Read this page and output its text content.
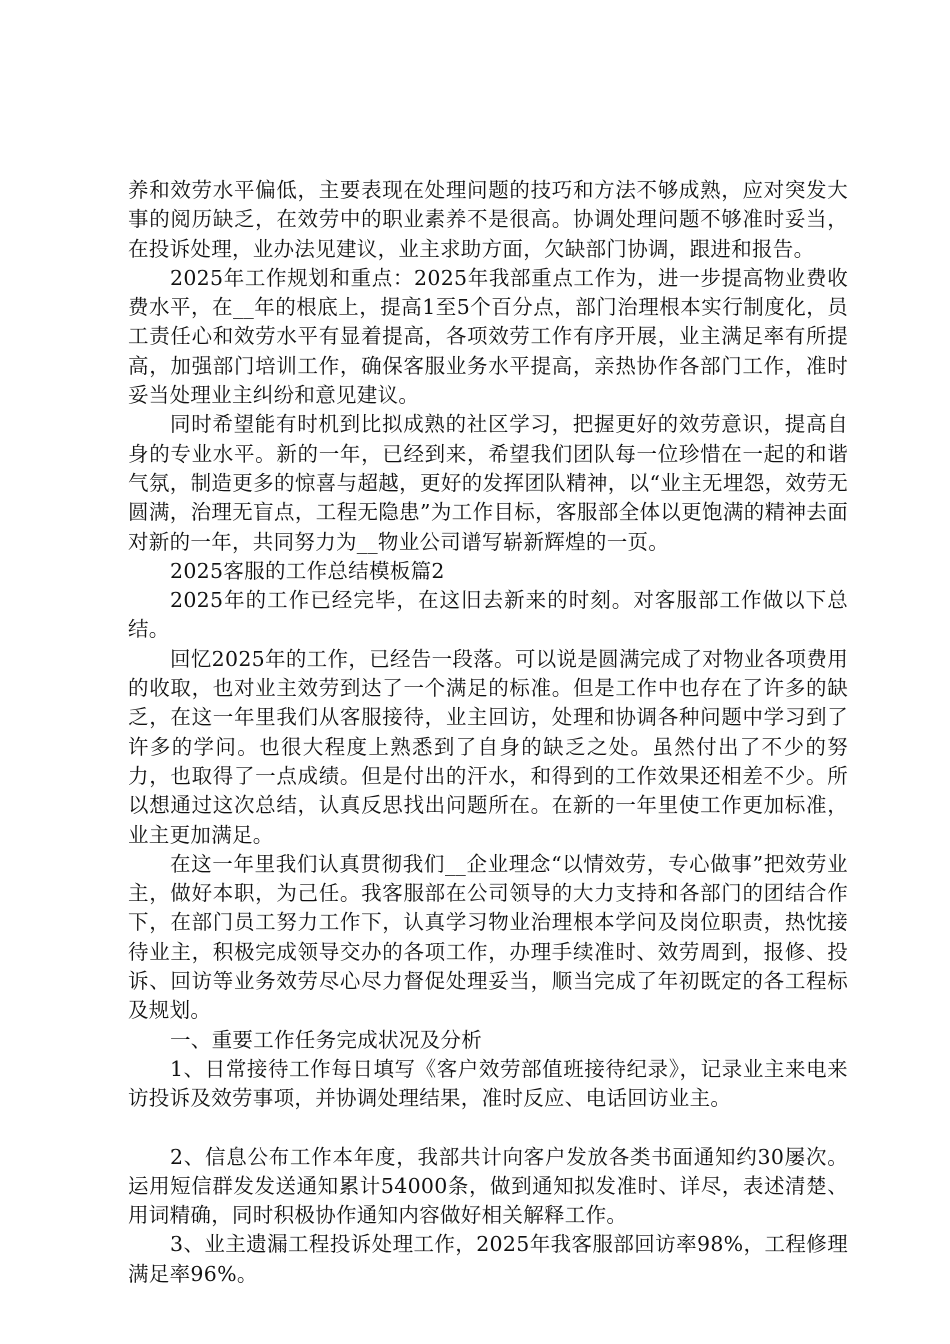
养和效劳水平偏低，主要表现在处理问题的技巧和方法不够成熟，应对突发大事的阅历缺乏，在效劳中的职业素养不是很高。协调处理问题不够准时妥当，在投诉处理，业办法见建议，业主求助方面，欠缺部门协调，跟进和报告。

2025年工作规划和重点：2025年我部重点工作为，进一步提高物业费收费水平，在__年的根底上，提高1至5个百分点，部门治理根本实行制度化，员工责任心和效劳水平有显着提高，各项效劳工作有序开展，业主满足率有所提高，加强部门培训工作，确保客服业务水平提高，亲热协作各部门工作，准时妥当处理业主纠纷和意见建议。

同时希望能有时机到比拟成熟的社区学习，把握更好的效劳意识，提高自身的专业水平。新的一年，已经到来，希望我们团队每一位珍惜在一起的和谐气氛，制造更多的惊喜与超越，更好的发挥团队精神，以“业主无埋怨，效劳无圆满，治理无盲点，工程无隐患”为工作目标，客服部全体以更饱满的精神去面对新的一年，共同努力为__物业公司谱写崭新辉煌的一页。

2025客服的工作总结模板篇2

2025年的工作已经完毕，在这旧去新来的时刻。对客服部工作做以下总结。

回忆2025年的工作，已经告一段落。可以说是圆满完成了对物业各项费用的收取，也对业主效劳到达了一个满足的标准。但是工作中也存在了许多的缺乏，在这一年里我们从客服接待，业主回访，处理和协调各种问题中学习到了许多的学问。也很大程度上熟悉到了自身的缺乏之处。虽然付出了不少的努力，也取得了一点成绩。但是付出的汗水，和得到的工作效果还相差不少。所以想通过这次总结，认真反思找出问题所在。在新的一年里使工作更加标准，业主更加满足。

在这一年里我们认真贯彻我们__企业理念“以情效劳，专心做事”把效劳业主，做好本职，为己任。我客服部在公司领导的大力支持和各部门的团结合作下，在部门员工努力工作下，认真学习物业治理根本学问及岗位职责，热忱接待业主，积极完成领导交办的各项工作，办理手续准时、效劳周到，报修、投诉、回访等业务效劳尽心尽力督促处理妥当，顺当完成了年初既定的各工程标及规划。

一、重要工作任务完成状况及分析

1、日常接待工作每日填写《客户效劳部值班接待纪录》，记录业主来电来访投诉及效劳事项，并协调处理结果，准时反应、电话回访业主。

2、信息公布工作本年度，我部共计向客户发放各类书面通知约30屡次。运用短信群发发送通知累计54000条，做到通知拟发准时、详尽，表述清楚、用词精确，同时积极协作通知内容做好相关解释工作。

3、业主遗漏工程投诉处理工作，2025年我客服部回访率98%，工程修理满足率96%。
